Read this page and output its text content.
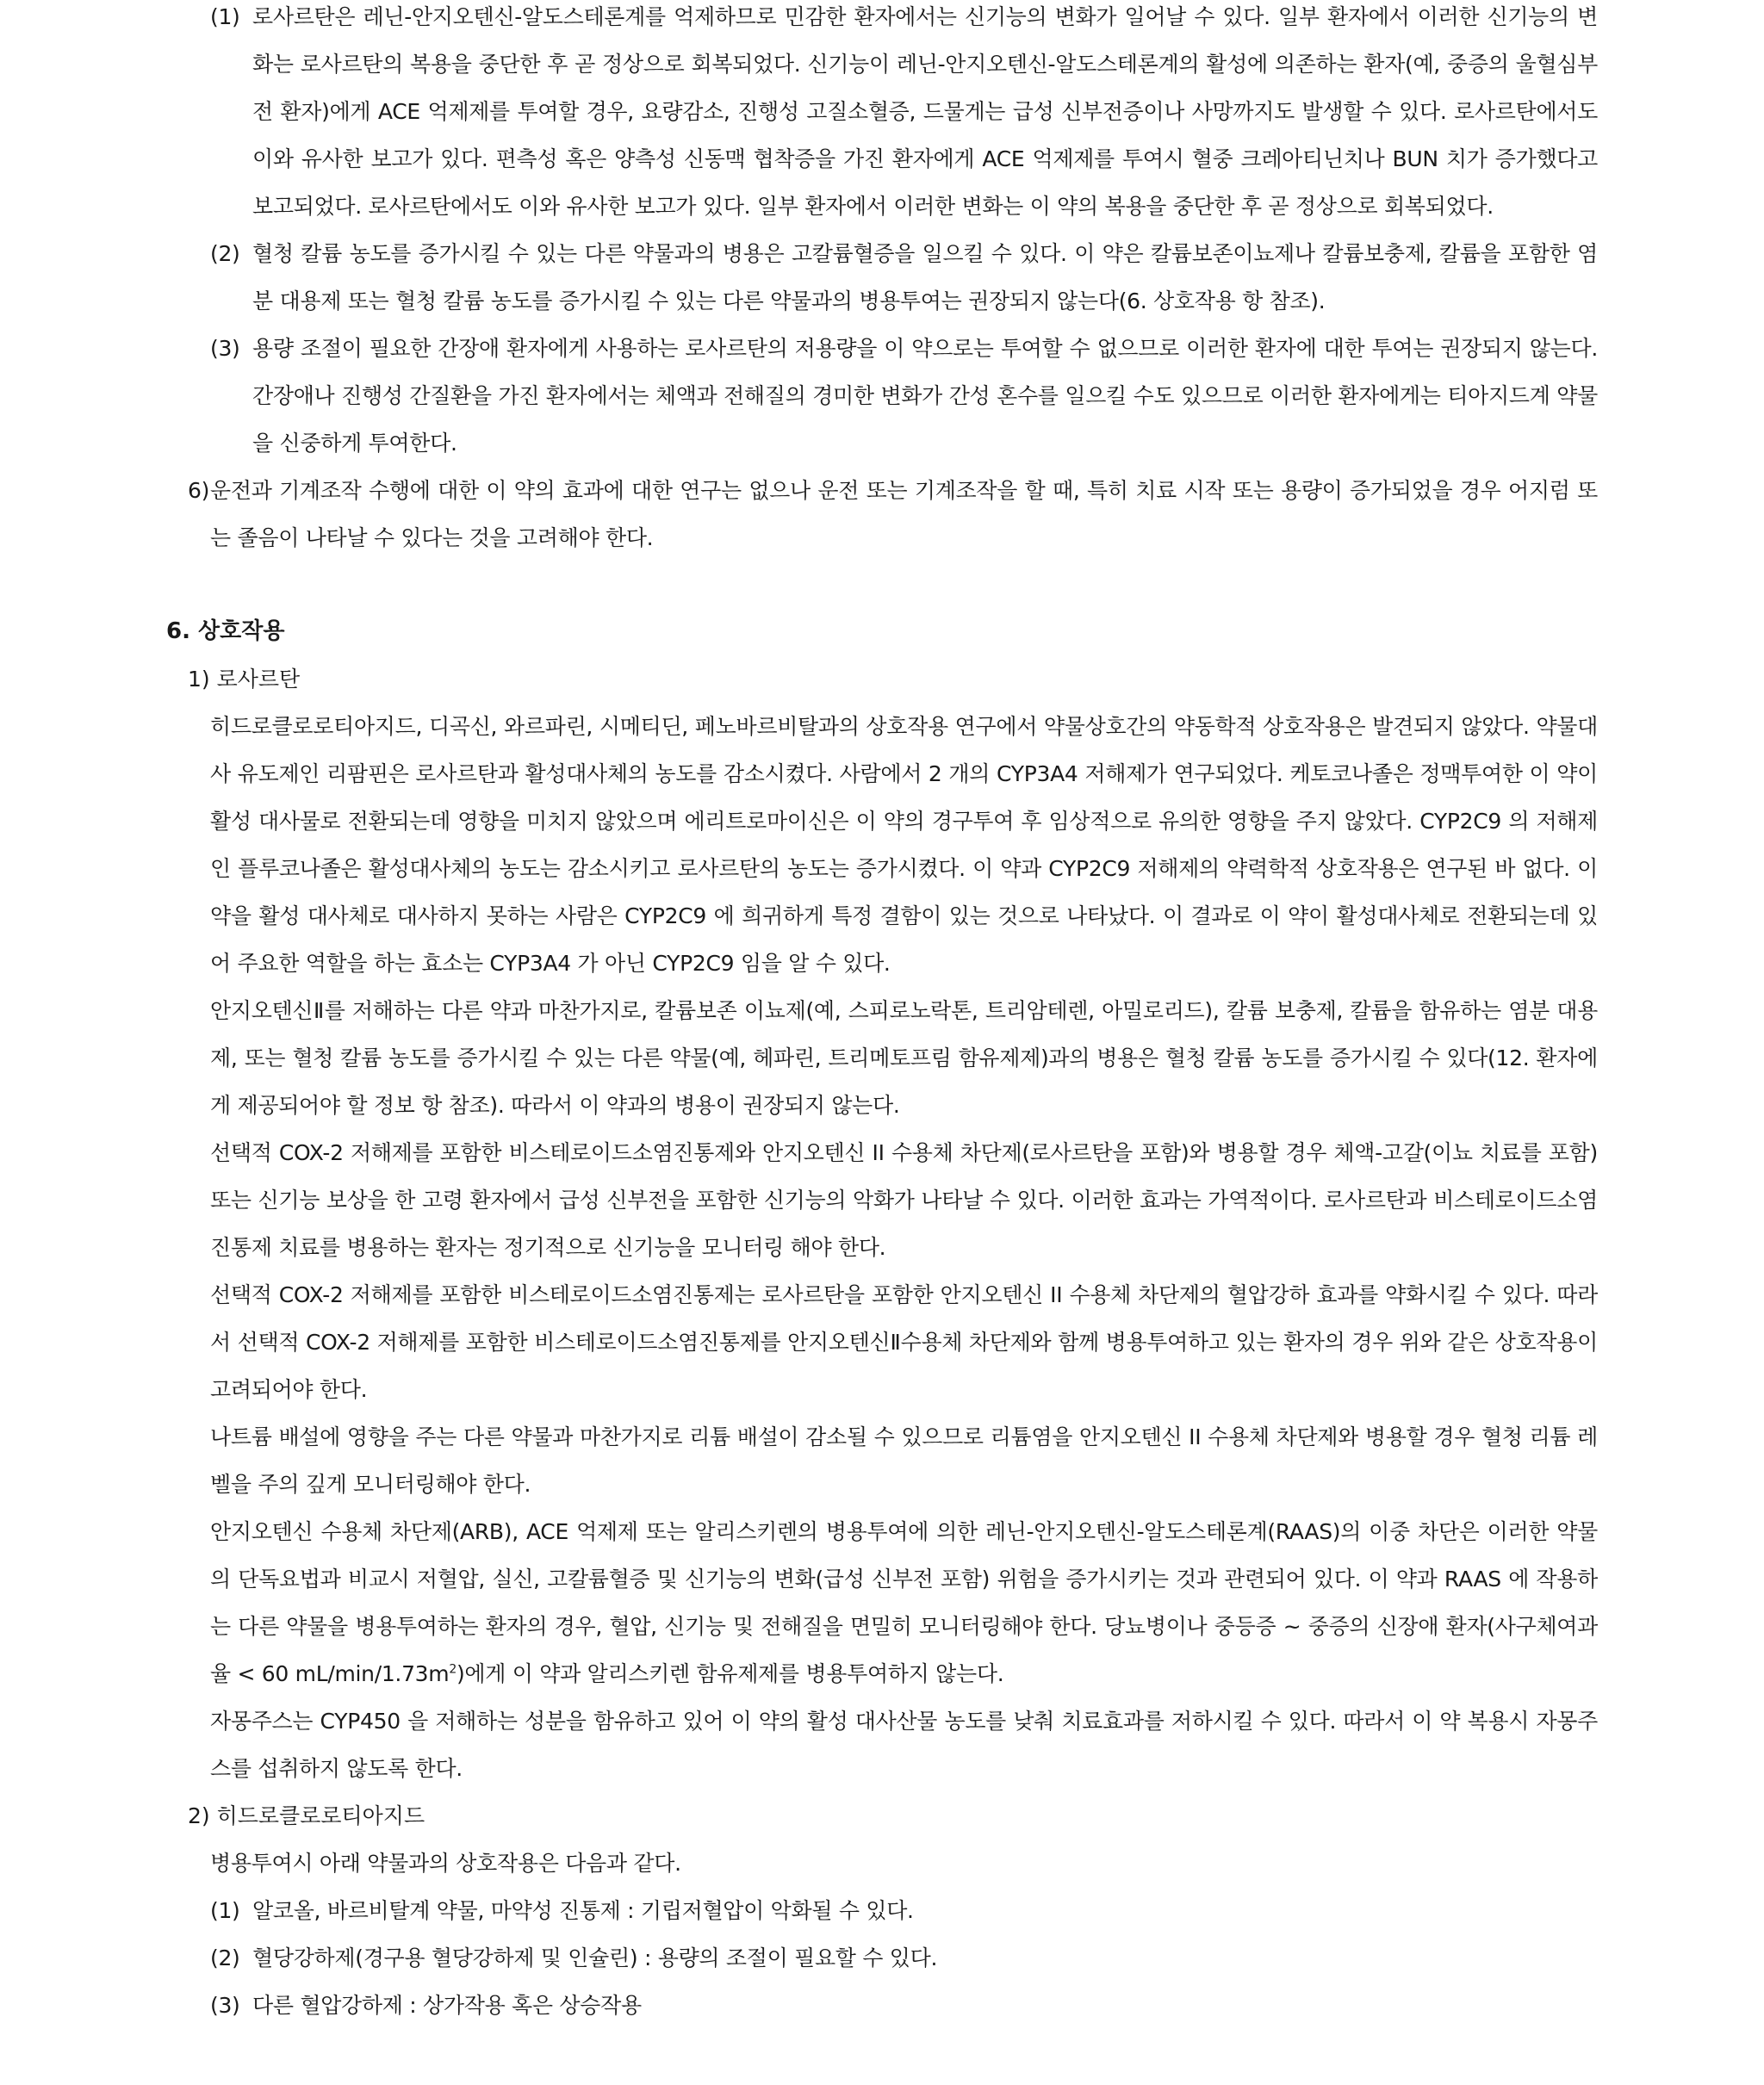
(1) 로사르탄은 레닌-안지오텐신-알도스테론계를 억제하므로 민감한 환자에서는 신기능의 변화가 일어날 수 있다. 일부 환자에서 이러한 신기능의 변화는 로사르탄의 복용을 중단한 후 곧 정상으로 회복되었다. 신기능이 레닌-안지오텐신-알도스테론계의 활성에 의존하는 환자(예, 중증의 울혈심부전 환자)에게 ACE 억제제를 투여할 경우, 요량감소, 진행성 고질소혈증, 드물게는 급성 신부전증이나 사망까지도 발생할 수 있다. 로사르탄에서도 이와 유사한 보고가 있다. 편측성 혹은 양측성 신동맥 협착증을 가진 환자에게 ACE 억제제를 투여시 혈중 크레아티닌치나 BUN 치가 증가했다고 보고되었다. 로사르탄에서도 이와 유사한 보고가 있다. 일부 환자에서 이러한 변화는 이 약의 복용을 중단한 후 곧 정상으로 회복되었다.
(2) 혈청 칼륨 농도를 증가시킬 수 있는 다른 약물과의 병용은 고칼륨혈증을 일으킬 수 있다. 이 약은 칼륨보존이뇨제나 칼륨보충제, 칼륨을 포함한 염분 대용제 또는 혈청 칼륨 농도를 증가시킬 수 있는 다른 약물과의 병용투여는 권장되지 않는다(6. 상호작용 항 참조).
(3) 용량 조절이 필요한 간장애 환자에게 사용하는 로사르탄의 저용량을 이 약으로는 투여할 수 없으므로 이러한 환자에 대한 투여는 권장되지 않는다. 간장애나 진행성 간질환을 가진 환자에서는 체액과 전해질의 경미한 변화가 간성 혼수를 일으킬 수도 있으므로 이러한 환자에게는 티아지드계 약물을 신중하게 투여한다.
6) 운전과 기계조작 수행에 대한 이 약의 효과에 대한 연구는 없으나 운전 또는 기계조작을 할 때, 특히 치료 시작 또는 용량이 증가되었을 경우 어지럼 또는 졸음이 나타날 수 있다는 것을 고려해야 한다.
6. 상호작용
1) 로사르탄
히드로클로로티아지드, 디곡신, 와르파린, 시메티딘, 페노바르비탈과의 상호작용 연구에서 약물상호간의 약동학적 상호작용은 발견되지 않았다. 약물대사 유도제인 리팜핀은 로사르탄과 활성대사체의 농도를 감소시켰다. 사람에서 2 개의 CYP3A4 저해제가 연구되었다. 케토코나졸은 정맥투여한 이 약이 활성 대사물로 전환되는데 영향을 미치지 않았으며 에리트로마이신은 이 약의 경구투여 후 임상적으로 유의한 영향을 주지 않았다. CYP2C9 의 저해제인 플루코나졸은 활성대사체의 농도는 감소시키고 로사르탄의 농도는 증가시켰다. 이 약과 CYP2C9 저해제의 약력학적 상호작용은 연구된 바 없다. 이 약을 활성 대사체로 대사하지 못하는 사람은 CYP2C9 에 희귀하게 특정 결함이 있는 것으로 나타났다. 이 결과로 이 약이 활성대사체로 전환되는데 있어 주요한 역할을 하는 효소는 CYP3A4 가 아닌 CYP2C9 임을 알 수 있다.
안지오텐신Ⅱ를 저해하는 다른 약과 마찬가지로, 칼륨보존 이뇨제(예, 스피로노락톤, 트리암테렌, 아밀로리드), 칼륨 보충제, 칼륨을 함유하는 염분 대용제, 또는 혈청 칼륨 농도를 증가시킬 수 있는 다른 약물(예, 헤파린, 트리메토프림 함유제제)과의 병용은 혈청 칼륨 농도를 증가시킬 수 있다(12. 환자에게 제공되어야 할 정보 항 참조). 따라서 이 약과의 병용이 권장되지 않는다.
선택적 COX-2 저해제를 포함한 비스테로이드소염진통제와 안지오텐신 II 수용체 차단제(로사르탄을 포함)와 병용할 경우 체액-고갈(이뇨 치료를 포함) 또는 신기능 보상을 한 고령 환자에서 급성 신부전을 포함한 신기능의 악화가 나타날 수 있다. 이러한 효과는 가역적이다. 로사르탄과 비스테로이드소염진통제 치료를 병용하는 환자는 정기적으로 신기능을 모니터링 해야 한다.
선택적 COX-2 저해제를 포함한 비스테로이드소염진통제는 로사르탄을 포함한 안지오텐신 II 수용체 차단제의 혈압강하 효과를 약화시킬 수 있다. 따라서 선택적 COX-2 저해제를 포함한 비스테로이드소염진통제를 안지오텐신Ⅱ수용체 차단제와 함께 병용투여하고 있는 환자의 경우 위와 같은 상호작용이 고려되어야 한다.
나트륨 배설에 영향을 주는 다른 약물과 마찬가지로 리튬 배설이 감소될 수 있으므로 리튬염을 안지오텐신 II 수용체 차단제와 병용할 경우 혈청 리튬 레벨을 주의 깊게 모니터링해야 한다.
안지오텐신 수용체 차단제(ARB), ACE 억제제 또는 알리스키렌의 병용투여에 의한 레닌-안지오텐신-알도스테론계(RAAS)의 이중 차단은 이러한 약물의 단독요법과 비교시 저혈압, 실신, 고칼륨혈증 및 신기능의 변화(급성 신부전 포함) 위험을 증가시키는 것과 관련되어 있다. 이 약과 RAAS 에 작용하는 다른 약물을 병용투여하는 환자의 경우, 혈압, 신기능 및 전해질을 면밀히 모니터링해야 한다. 당뇨병이나 중등증 ~ 중증의 신장애 환자(사구체여과율 < 60 $mL/\min/1.73m^2$)에게 이 약과 알리스키렌 함유제제를 병용투여하지 않는다.
자몽주스는 CYP450 을 저해하는 성분을 함유하고 있어 이 약의 활성 대사산물 농도를 낮춰 치료효과를 저하시킬 수 있다. 따라서 이 약 복용시 자몽주스를 섭취하지 않도록 한다.
2) 히드로클로로티아지드
병용투여시 아래 약물과의 상호작용은 다음과 같다.
(1) 알코올, 바르비탈계 약물, 마약성 진통제 : 기립저혈압이 악화될 수 있다.
(2) 혈당강하제(경구용 혈당강하제 및 인슐린) : 용량의 조절이 필요할 수 있다.
(3) 다른 혈압강하제 : 상가작용 혹은 상승작용
